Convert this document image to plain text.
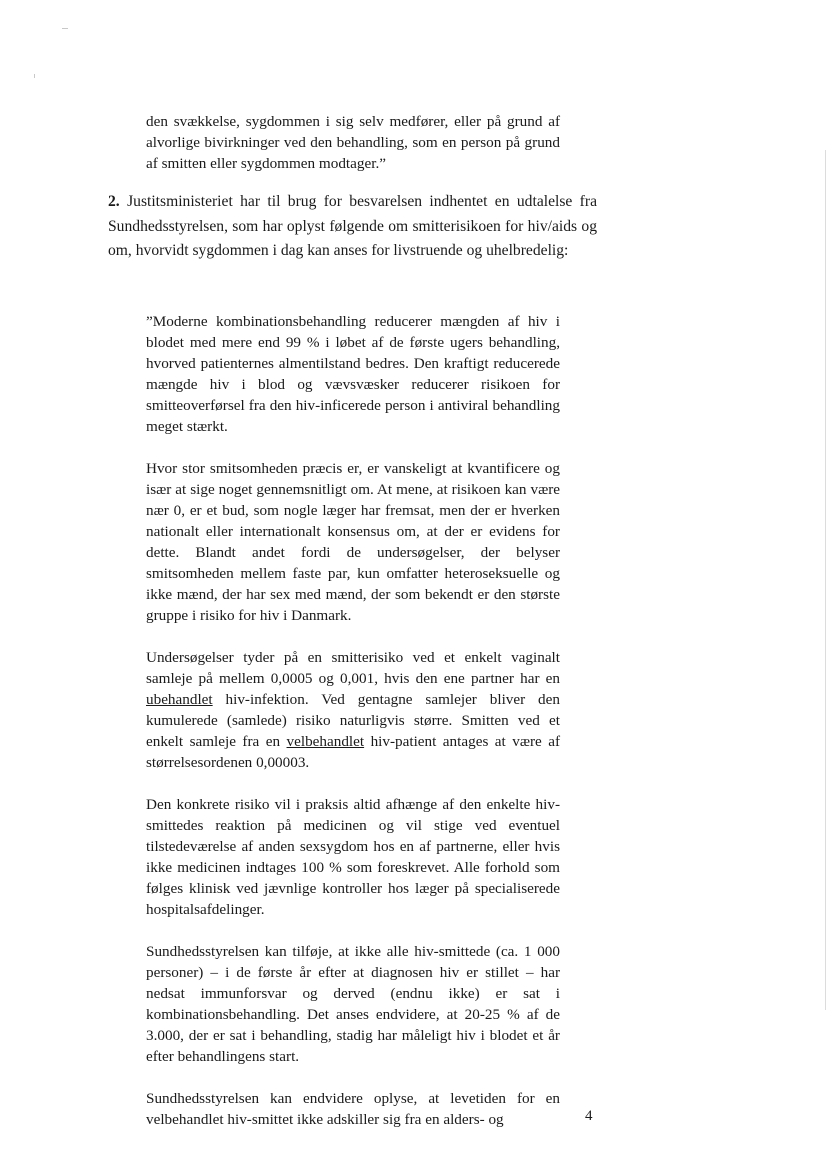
den svækkelse, sygdommen i sig selv medfører, eller på grund af alvorlige bivirkninger ved den behandling, som en person på grund af smitten eller sygdommen modtager.”

2. Justitsministeriet har til brug for besvarelsen indhentet en udtalelse fra Sundhedsstyrelsen, som har oplyst følgende om smitterisikoen for hiv/aids og om, hvorvidt sygdommen i dag kan anses for livstruende og uhelbredelig:

”Moderne kombinationsbehandling reducerer mængden af hiv i blodet med mere end 99 % i løbet af de første ugers behandling, hvorved patienternes almentilstand bedres. Den kraftigt reducerede mængde hiv i blod og vævsvæsker reducerer risikoen for smitteoverførsel fra den hiv-inficerede person i antiviral behandling meget stærkt.

Hvor stor smitsomheden præcis er, er vanskeligt at kvantificere og især at sige noget gennemsnitligt om. At mene, at risikoen kan være nær 0, er et bud, som nogle læger har fremsat, men der er hverken nationalt eller internationalt konsensus om, at der er evidens for dette. Blandt andet fordi de undersøgelser, der belyser smitsomheden mellem faste par, kun omfatter heteroseksuelle og ikke mænd, der har sex med mænd, der som bekendt er den største gruppe i risiko for hiv i Danmark.

Undersøgelser tyder på en smitterisiko ved et enkelt vaginalt samleje på mellem 0,0005 og 0,001, hvis den ene partner har en ubehandlet hiv-infektion. Ved gentagne samlejer bliver den kumulerede (samlede) risiko naturligvis større. Smitten ved et enkelt samleje fra en velbehandlet hiv-patient antages at være af størrelsesordenen 0,00003.

Den konkrete risiko vil i praksis altid afhænge af den enkelte hiv-smittedes reaktion på medicinen og vil stige ved eventuel tilstedeværelse af anden sexsygdom hos en af partnerne, eller hvis ikke medicinen indtages 100 % som foreskrevet. Alle forhold som følges klinisk ved jævnlige kontroller hos læger på specialiserede hospitalsafdelinger.

Sundhedsstyrelsen kan tilføje, at ikke alle hiv-smittede (ca. 1 000 personer) – i de første år efter at diagnosen hiv er stillet – har nedsat immunforsvar og derved (endnu ikke) er sat i kombinationsbehandling. Det anses endvidere, at 20-25 % af de 3.000, der er sat i behandling, stadig har måleligt hiv i blodet et år efter behandlingens start.

Sundhedsstyrelsen kan endvidere oplyse, at levetiden for en velbehandlet hiv-smittet ikke adskiller sig fra en alders- og	4
